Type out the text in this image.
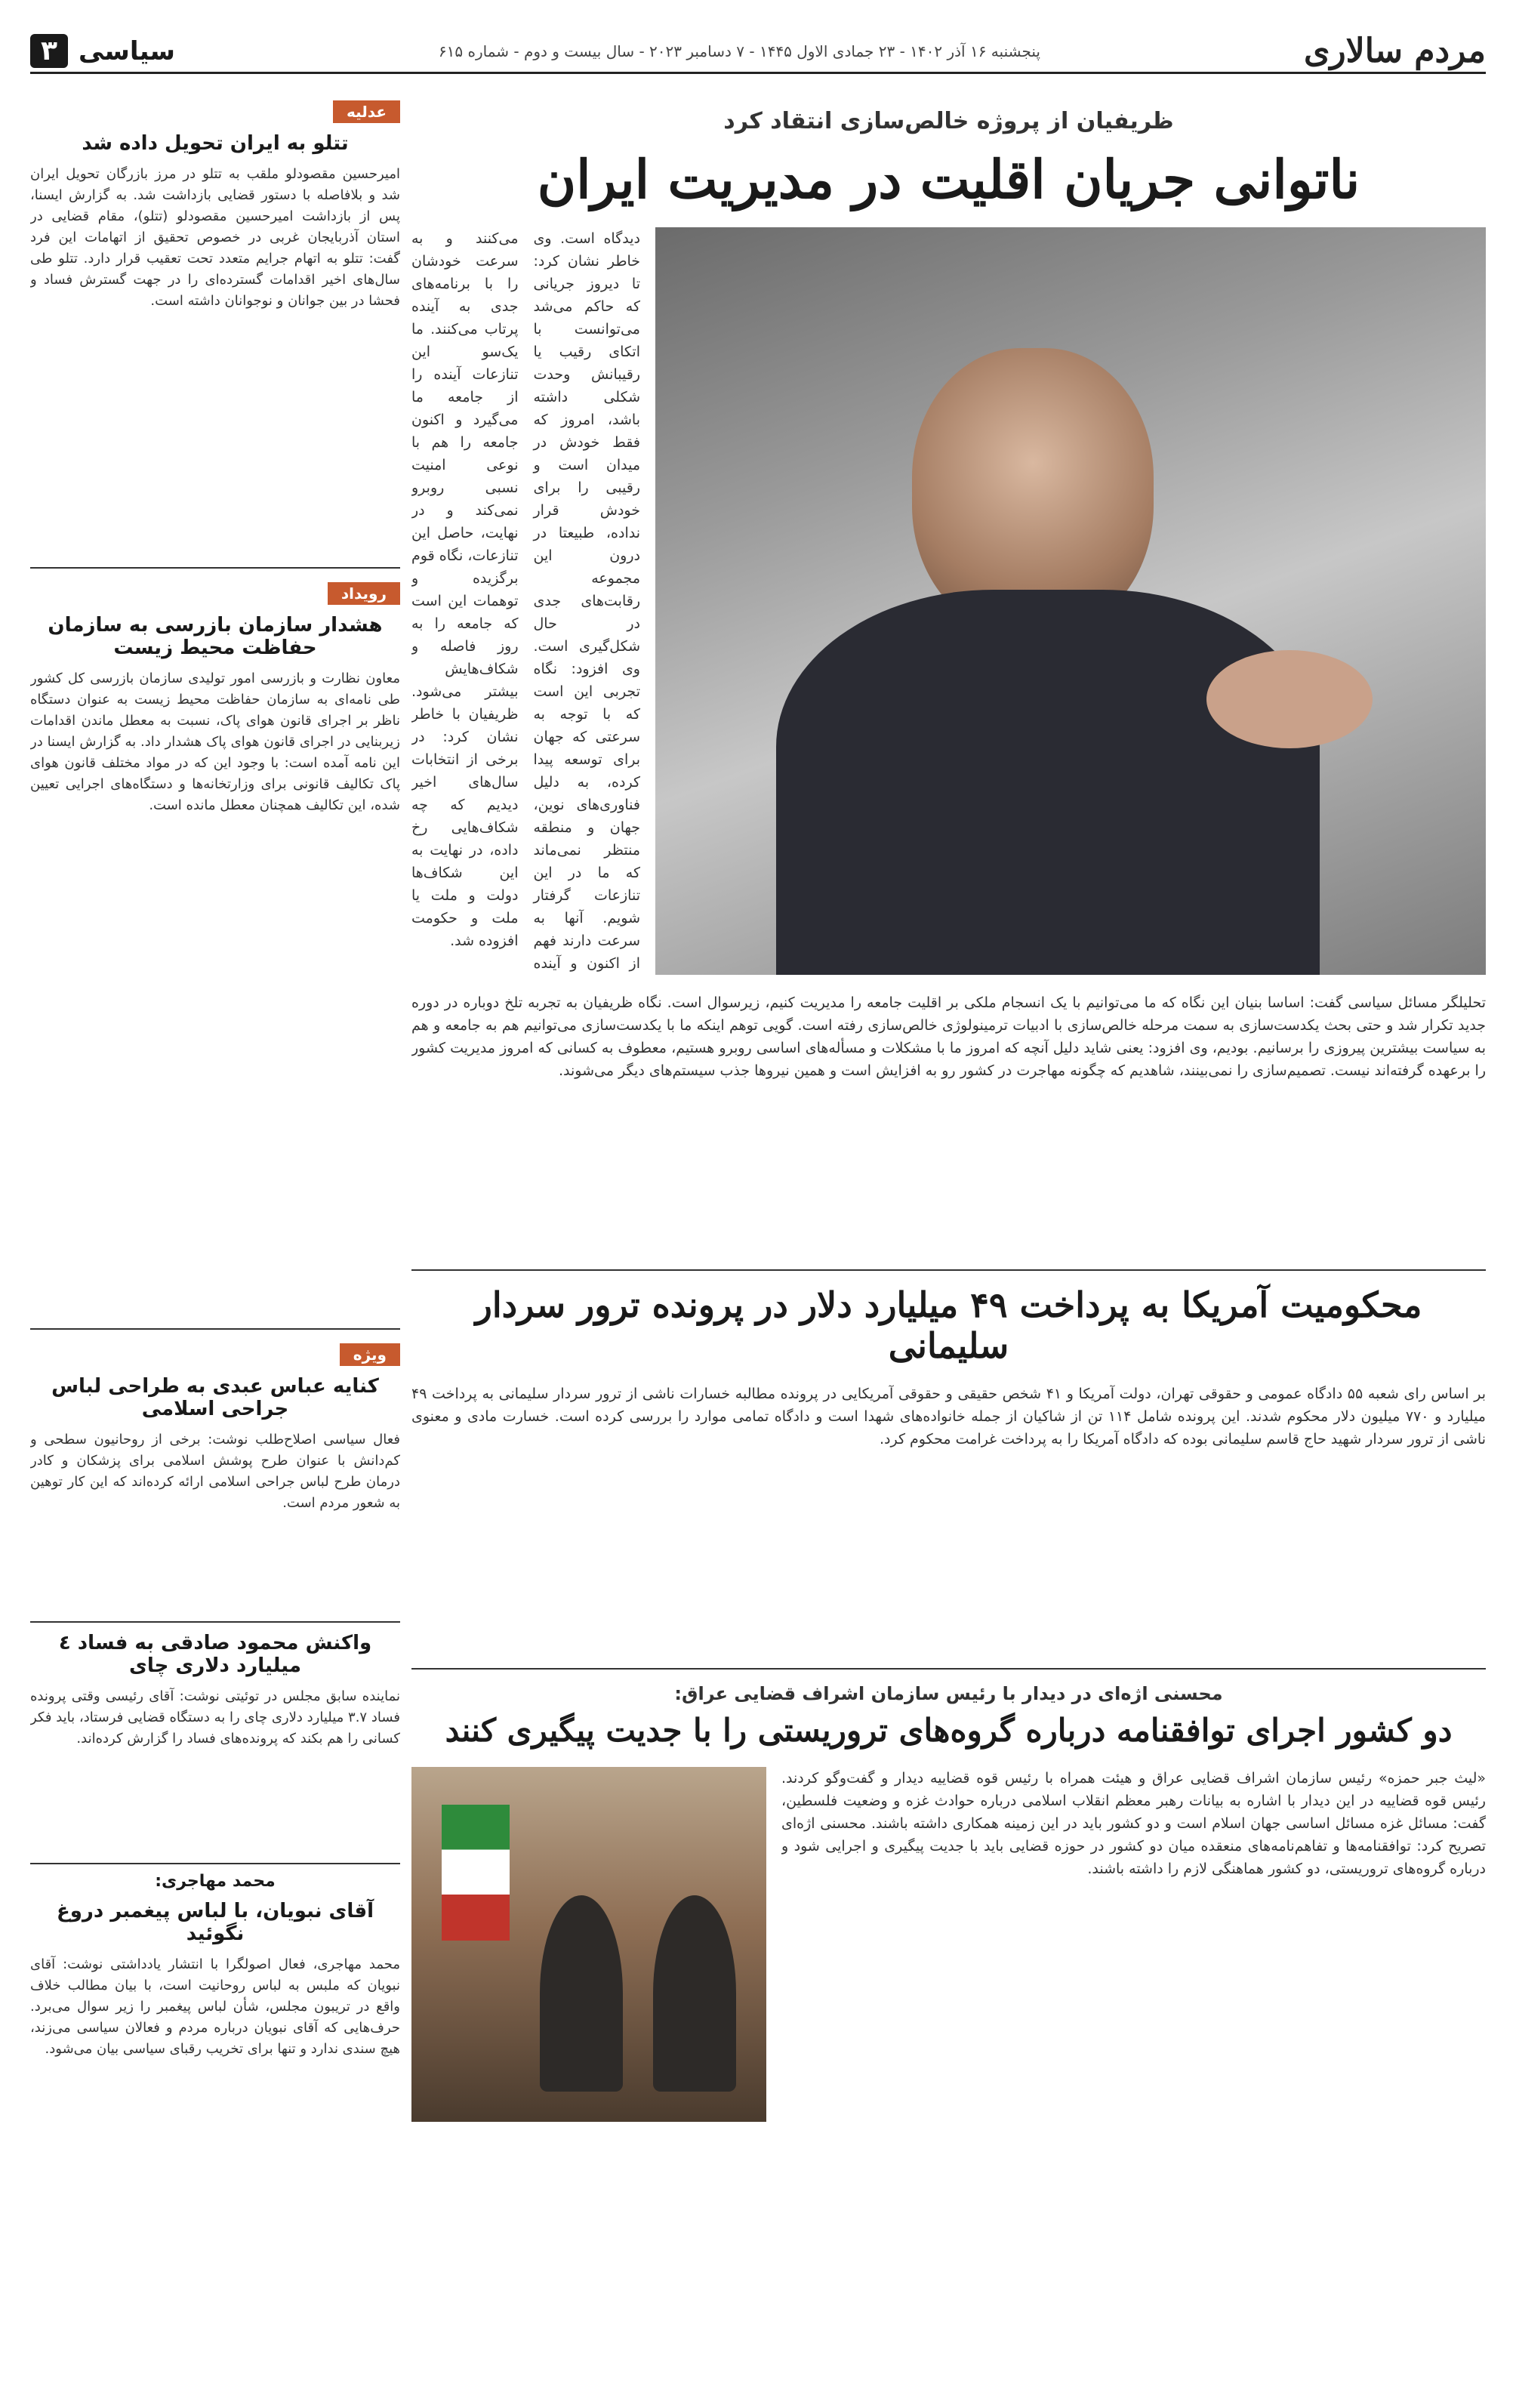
مردم سالاری
پنجشنبه ۱۶ آذر ۱۴۰۲ - ۲۳ جمادی الاول ۱۴۴۵ - ۷ دسامبر ۲۰۲۳ - سال بیست و دوم - شماره ۶۱۵
سیاسی
۳
ظریفیان از پروژه خالص‌سازی انتقاد کرد
ناتوانی جریان اقلیت در مدیریت ایران
دیدگاه است. وی خاطر نشان کرد: تا دیروز جریانی که حاکم می‌شد می‌توانست با اتکای رقیب یا رقیبانش وحدت شکلی داشته باشد، امروز که فقط خودش در میدان است و رقیبی را برای خودش قرار نداده، طبیعتا در درون این مجموعه رقابت‌های جدی در حال شکل‌گیری است. وی افزود: نگاه تجربی این است که با توجه به سرعتی که جهان برای توسعه پیدا کرده، به دلیل فناوری‌های نوین، جهان و منطقه منتظر نمی‌ماند که ما در این تنازعات گرفتار شویم. آنها به سرعت دارند فهم از اکنون و آینده می‌کنند و به سرعت خودشان را با برنامه‌های جدی به آینده پرتاب می‌کنند. ما یک‌سو این تنازعات آینده را از جامعه ما می‌گیرد و اکنون جامعه را هم با نوعی امنیت نسبی روبرو نمی‌کند و در نهایت، حاصل این تنازعات، نگاه قوم برگزیده و توهمات این است که جامعه را به روز فاصله و شکاف‌هایش بیشتر می‌شود. ظریفیان با خاطر نشان کرد: در برخی از انتخابات سال‌های اخیر دیدیم که چه شکاف‌هایی رخ داده، در نهایت به این شکاف‌ها دولت و ملت یا ملت و حکومت افزوده شد.
تحلیلگر مسائل سیاسی گفت: اساسا بنیان این نگاه که ما می‌توانیم با یک انسجام ملکی بر اقلیت جامعه را مدیریت کنیم، زیرسوال است. نگاه ظریفیان به تجربه تلخ دوباره در دوره جدید تکرار شد و حتی بحث یکدست‌سازی به سمت مرحله خالص‌سازی با ادبیات ترمینولوژی خالص‌سازی رفته است. گویی توهم اینکه ما با یکدست‌سازی می‌توانیم هم به جامعه و هم به سیاست بیشترین پیروزی را برسانیم. بودیم، وی افزود: یعنی شاید دلیل آنچه که امروز ما با مشکلات و مسأله‌های اساسی روبرو هستیم، معطوف به کسانی که امروز مدیریت کشور را برعهده گرفته‌اند نیست. تصمیم‌سازی را نمی‌بینند، شاهدیم که چگونه مهاجرت در کشور رو به افزایش است و همین نیروها جذب سیستم‌های دیگر می‌شوند.
محکومیت آمریکا به پرداخت ۴۹ میلیارد دلار در پرونده ترور سردار سلیمانی
بر اساس رای شعبه ۵۵ دادگاه عمومی و حقوقی تهران، دولت آمریکا و ۴۱ شخص حقیقی و حقوقی آمریکایی در پرونده مطالبه خسارات ناشی از ترور سردار سلیمانی به پرداخت ۴۹ میلیارد و ۷۷۰ میلیون دلار محکوم شدند. این پرونده شامل ۱۱۴ تن از شاکیان از جمله خانواده‌های شهدا است و دادگاه تمامی موارد را بررسی کرده است. خسارت مادی و معنوی ناشی از ترور سردار شهید حاج قاسم سلیمانی بوده که دادگاه آمریکا را به پرداخت غرامت محکوم کرد.
محسنی اژه‌ای در دیدار با رئیس سازمان اشراف قضایی عراق:
دو کشور اجرای توافقنامه درباره گروه‌های تروریستی را با جدیت پیگیری کنند
«لیث جبر حمزه» رئیس سازمان اشراف قضایی عراق و هیئت همراه با رئیس قوه قضاییه دیدار و گفت‌وگو کردند. رئیس قوه قضاییه در این دیدار با اشاره به بیانات رهبر معظم انقلاب اسلامی درباره حوادث غزه و وضعیت فلسطین، گفت: مسائل غزه مسائل اساسی جهان اسلام است و دو کشور باید در این زمینه همکاری داشته باشند. محسنی اژه‌ای تصریح کرد: توافقنامه‌ها و تفاهم‌نامه‌های منعقده میان دو کشور در حوزه قضایی باید با جدیت پیگیری و اجرایی شود و درباره گروه‌های تروریستی، دو کشور هماهنگی لازم را داشته باشند.
عدلیه
تتلو به ایران تحویل داده شد
امیرحسین مقصودلو ملقب به تتلو در مرز بازرگان تحویل ایران شد و بلافاصله با دستور قضایی بازداشت شد. به گزارش ایسنا، پس از بازداشت امیرحسین مقصودلو (تتلو)، مقام قضایی در استان آذربایجان غربی در خصوص تحقیق از اتهامات این فرد گفت: تتلو به اتهام جرایم متعدد تحت تعقیب قرار دارد. تتلو طی سال‌های اخیر اقدامات گسترده‌ای را در جهت گسترش فساد و فحشا در بین جوانان و نوجوانان داشته است.
رویداد
هشدار سازمان بازرسی به سازمان حفاظت محیط زیست
معاون نظارت و بازرسی امور تولیدی سازمان بازرسی کل کشور طی نامه‌ای به سازمان حفاظت محیط زیست به عنوان دستگاه ناظر بر اجرای قانون هوای پاک، نسبت به معطل ماندن اقدامات زیربنایی در اجرای قانون هوای پاک هشدار داد. به گزارش ایسنا در این نامه آمده است: با وجود این که در مواد مختلف قانون هوای پاک تکالیف قانونی برای وزارتخانه‌ها و دستگاه‌های اجرایی تعیین شده، این تکالیف همچنان معطل مانده است.
ویژه
کنایه عباس عبدی به طراحی لباس جراحی اسلامی
فعال سیاسی اصلاح‌طلب نوشت: برخی از روحانیون سطحی و کم‌دانش با عنوان طرح پوشش اسلامی برای پزشکان و کادر درمان طرح لباس جراحی اسلامی ارائه کرده‌اند که این کار توهین به شعور مردم است.
واکنش محمود صادقی به فساد ٤ میلیارد دلاری چای
نماینده سابق مجلس در توئیتی نوشت: آقای رئیسی وقتی پرونده فساد ۳.۷ میلیارد دلاری چای را به دستگاه قضایی فرستاد، باید فکر کسانی را هم بکند که پرونده‌های فساد را گزارش کرده‌اند.
محمد مهاجری:
آقای نبویان، با لباس پیغمبر دروغ نگوئید
محمد مهاجری، فعال اصولگرا با انتشار یادداشتی نوشت: آقای نبویان که ملبس به لباس روحانیت است، با بیان مطالب خلاف واقع در تریبون مجلس، شأن لباس پیغمبر را زیر سوال می‌برد. حرف‌هایی که آقای نبویان درباره مردم و فعالان سیاسی می‌زند، هیچ سندی ندارد و تنها برای تخریب رقبای سیاسی بیان می‌شود.
